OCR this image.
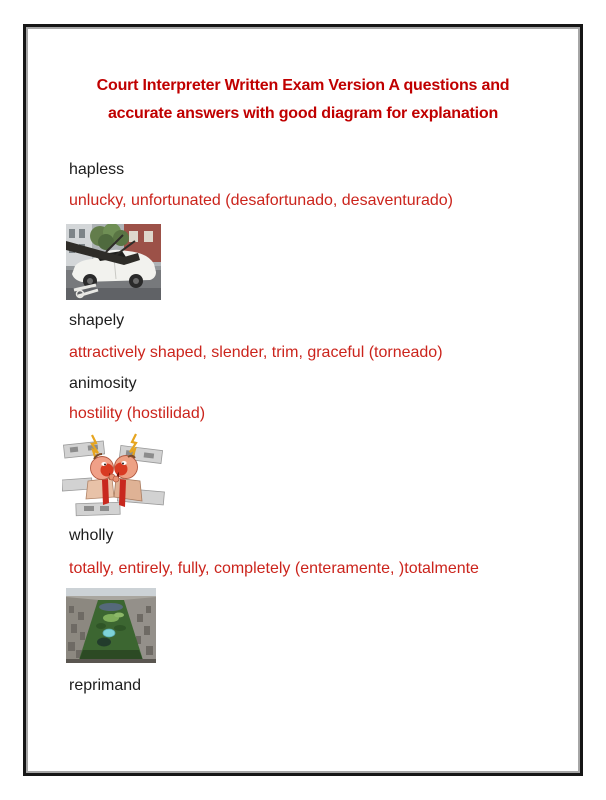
Court Interpreter Written Exam Version A questions and
accurate answers with good diagram for explanation
hapless
unlucky, unfortunated (desafortunado, desaventurado)
shapely
attractively shaped, slender, trim, graceful (torneado)
animosity
hostility (hostilidad)
wholly
totally, entirely, fully, completely (enteramente, )totalmente
reprimand
